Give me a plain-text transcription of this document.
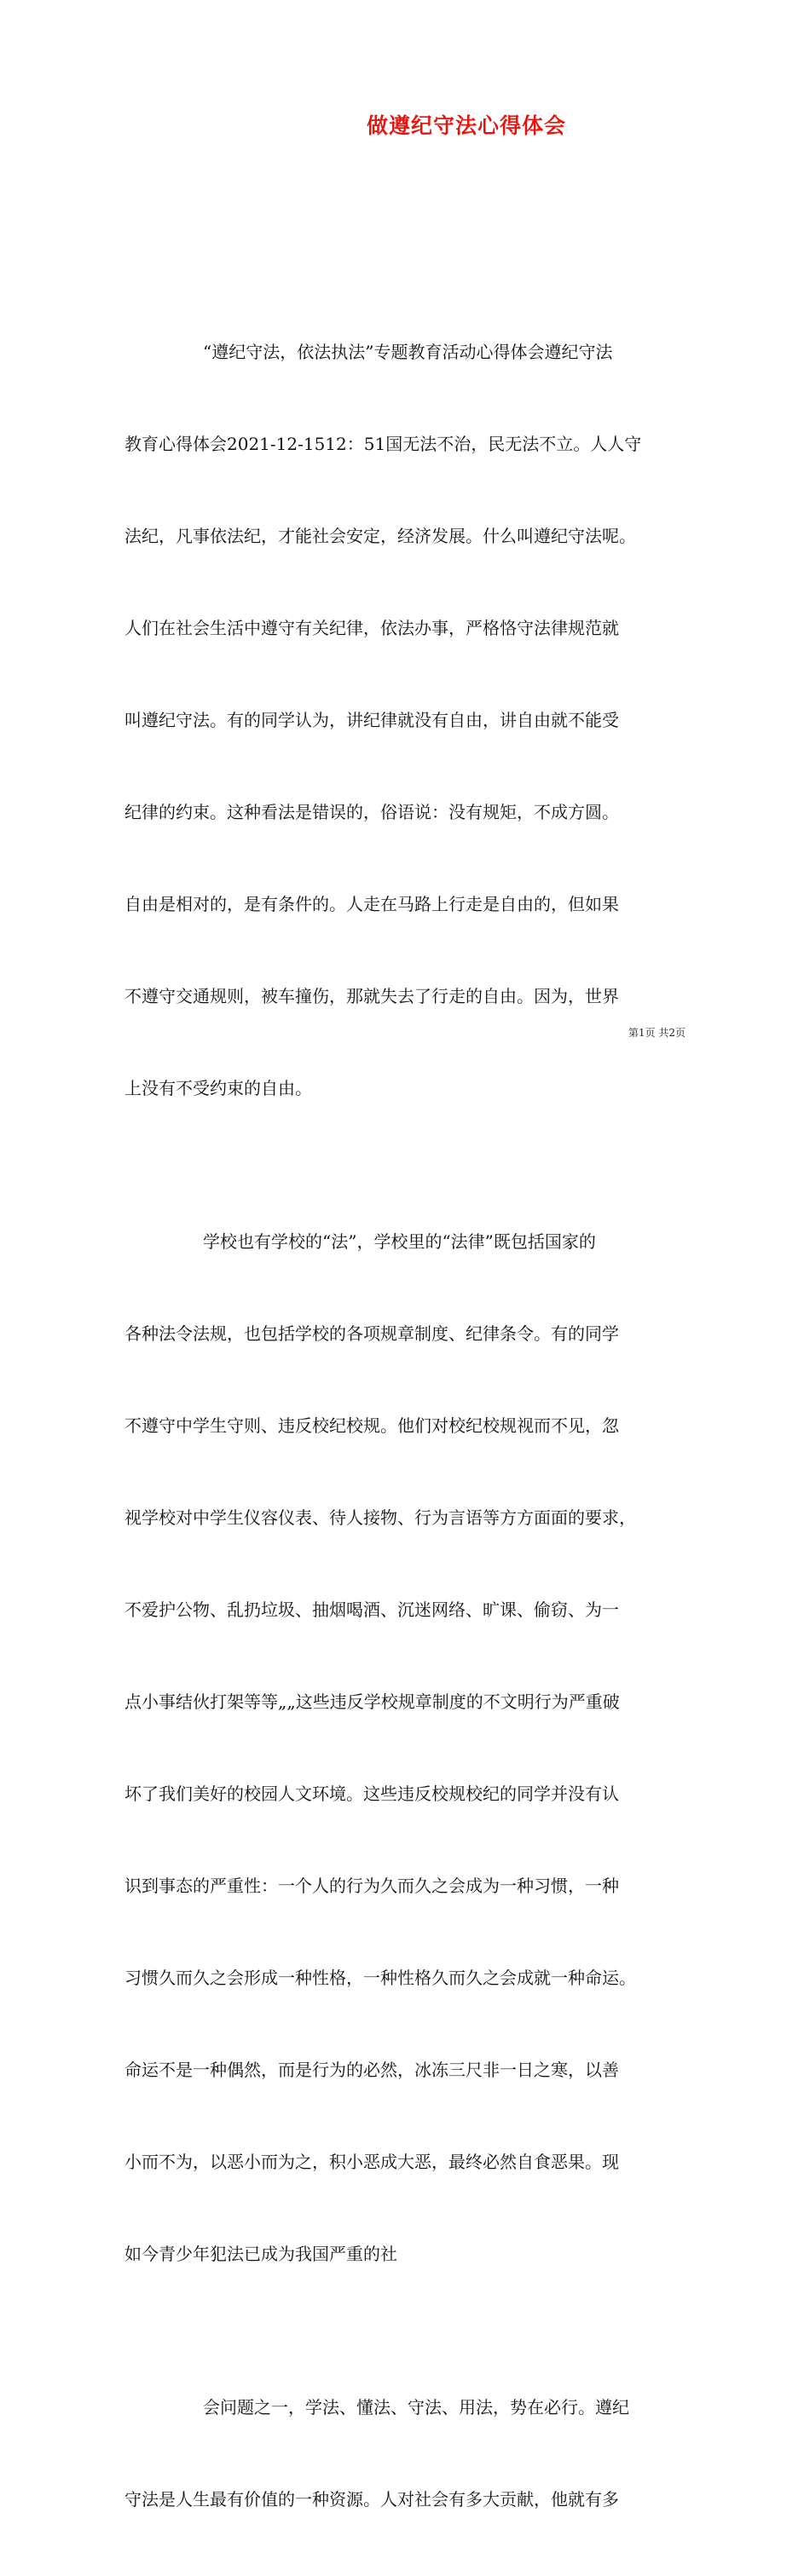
做遵纪守法心得体会

“遵纪守法，依法执法”专题教育活动心得体会遵纪守法

教育心得体会2021-12-1512：51国无法不治，民无法不立。人人守

法纪，凡事依法纪，才能社会安定，经济发展。什么叫遵纪守法呢。

人们在社会生活中遵守有关纪律，依法办事，严格恪守法律规范就

叫遵纪守法。有的同学认为，讲纪律就没有自由，讲自由就不能受

纪律的约束。这种看法是错误的，俗语说：没有规矩，不成方圆。

自由是相对的，是有条件的。人走在马路上行走是自由的，但如果

不遵守交通规则，被车撞伤，那就失去了行走的自由。因为，世界

上没有不受约束的自由。

学校也有学校的“法”，学校里的“法律”既包括国家的

各种法令法规，也包括学校的各项规章制度、纪律条令。有的同学

不遵守中学生守则、违反校纪校规。他们对校纪校规视而不见，忽

视学校对中学生仪容仪表、待人接物、行为言语等方方面面的要求，

不爱护公物、乱扔垃圾、抽烟喝酒、沉迷网络、旷课、偷窃、为一

点小事结伙打架等等„„这些违反学校规章制度的不文明行为严重破

坏了我们美好的校园人文环境。这些违反校规校纪的同学并没有认

识到事态的严重性：一个人的行为久而久之会成为一种习惯，一种

习惯久而久之会形成一种性格，一种性格久而久之会成就一种命运。

命运不是一种偶然，而是行为的必然，冰冻三尺非一日之寒，以善

小而不为，以恶小而为之，积小恶成大恶，最终必然自食恶果。现

如今青少年犯法已成为我国严重的社

会问题之一，学法、懂法、守法、用法，势在必行。遵纪

守法是人生最有价值的一种资源。人对社会有多大贡献，他就有多

第1页 共2页
